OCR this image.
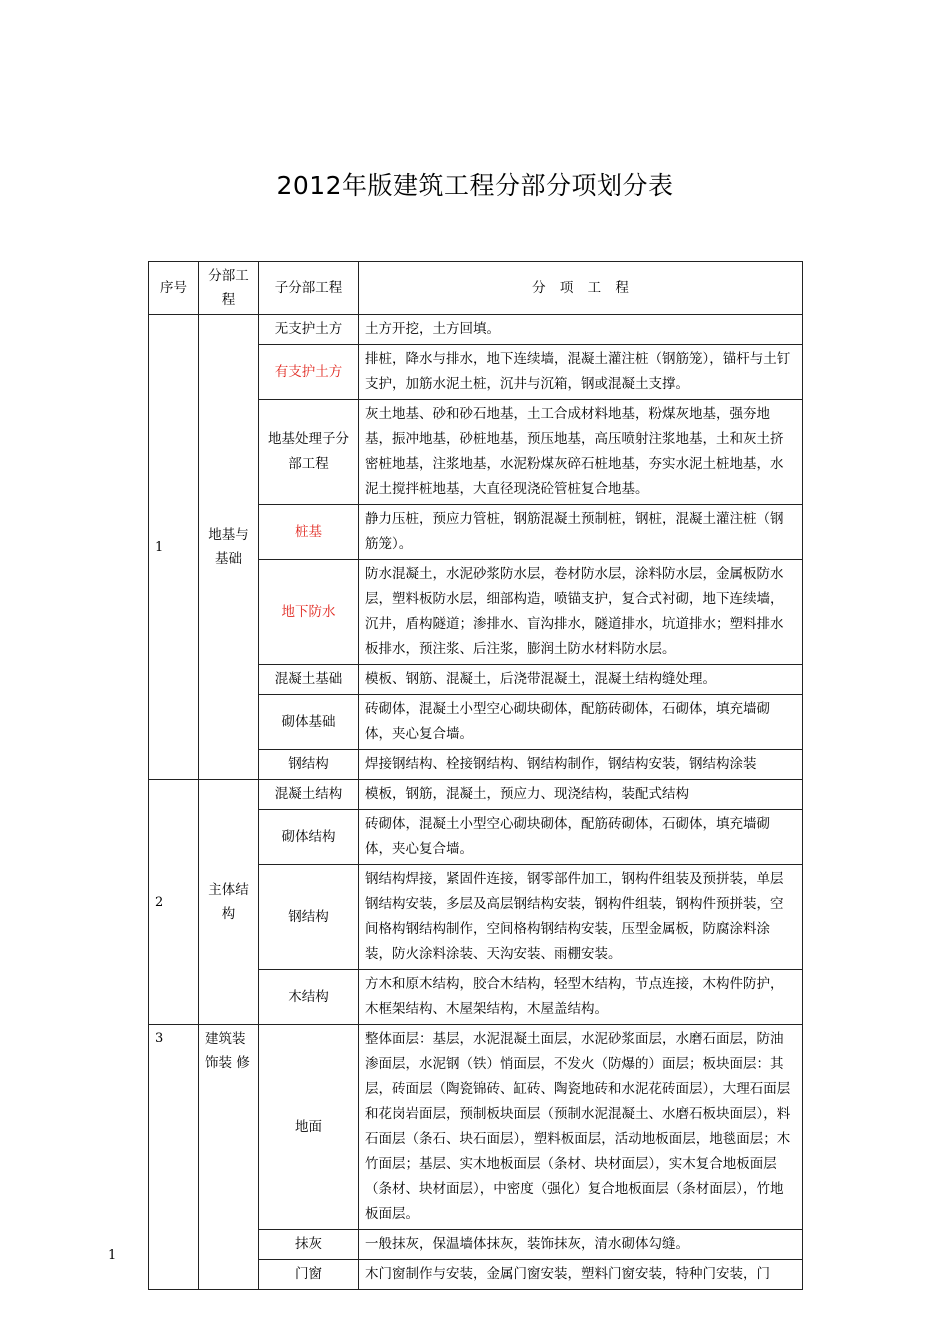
2012年版建筑工程分部分项划分表
序号	分部工程	子分部工程	分 项 工 程
1	地基与基础	无支护土方	土方开挖，土方回填。
		有支护土方	排桩，降水与排水，地下连续墙，混凝土灌注桩（钢筋笼），锚杆与土钉支护，加筋水泥土桩，沉井与沉箱，钢或混凝土支撑。
		地基处理子分部工程	灰土地基、砂和砂石地基，土工合成材料地基，粉煤灰地基，强夯地基，振冲地基，砂桩地基，预压地基，高压喷射注浆地基，土和灰土挤密桩地基，注浆地基，水泥粉煤灰碎石桩地基，夯实水泥土桩地基，水泥土搅拌桩地基，大直径现浇砼管桩复合地基。
		桩基	静力压桩，预应力管桩，钢筋混凝土预制桩，钢桩，混凝土灌注桩（钢筋笼）。
		地下防水	防水混凝土，水泥砂浆防水层，卷材防水层，涂料防水层，金属板防水层，塑料板防水层，细部构造，喷锚支护，复合式衬砌，地下连续墙，沉井，盾构隧道；渗排水、盲沟排水，隧道排水，坑道排水；塑料排水板排水，预注浆、后注浆，膨润土防水材料防水层。
		混凝土基础	模板、钢筋、混凝土，后浇带混凝土，混凝土结构缝处理。
		砌体基础	砖砌体，混凝土小型空心砌块砌体，配筋砖砌体，石砌体，填充墙砌体，夹心复合墙。
		钢结构	焊接钢结构、栓接钢结构、钢结构制作，钢结构安装，钢结构涂装
2	主体结构	混凝土结构	模板，钢筋，混凝土，预应力、现浇结构，装配式结构
		砌体结构	砖砌体，混凝土小型空心砌块砌体，配筋砖砌体，石砌体，填充墙砌体，夹心复合墙。
		钢结构	钢结构焊接，紧固件连接，钢零部件加工，钢构件组装及预拼装，单层钢结构安装，多层及高层钢结构安装，钢构件组装，钢构件预拼装，空间格构钢结构制作，空间格构钢结构安装，压型金属板，防腐涂料涂装，防火涂料涂装、天沟安装、雨棚安装。
		木结构	方木和原木结构，胶合木结构，轻型木结构，节点连接，木构件防护，木框架结构、木屋架结构，木屋盖结构。
3	建筑装饰装 修	地面	整体面层：基层，水泥混凝土面层，水泥砂浆面层，水磨石面层，防油渗面层，水泥钢（铁）悄面层，不发火（防爆的）面层；板块面层：其层，砖面层（陶瓷锦砖、缸砖、陶瓷地砖和水泥花砖面层），大理石面层和花岗岩面层，预制板块面层（预制水泥混凝土、水磨石板块面层），料石面层（条石、块石面层），塑料板面层，活动地板面层，地毯面层；木竹面层；基层、实木地板面层（条材、块材面层），实木复合地板面层（条材、块材面层），中密度（强化）复合地板面层（条材面层），竹地板面层。
		抹灰	一般抹灰，保温墙体抹灰，装饰抹灰，清水砌体勾缝。
		门窗	木门窗制作与安装，金属门窗安装，塑料门窗安装，特种门安装，门
1
